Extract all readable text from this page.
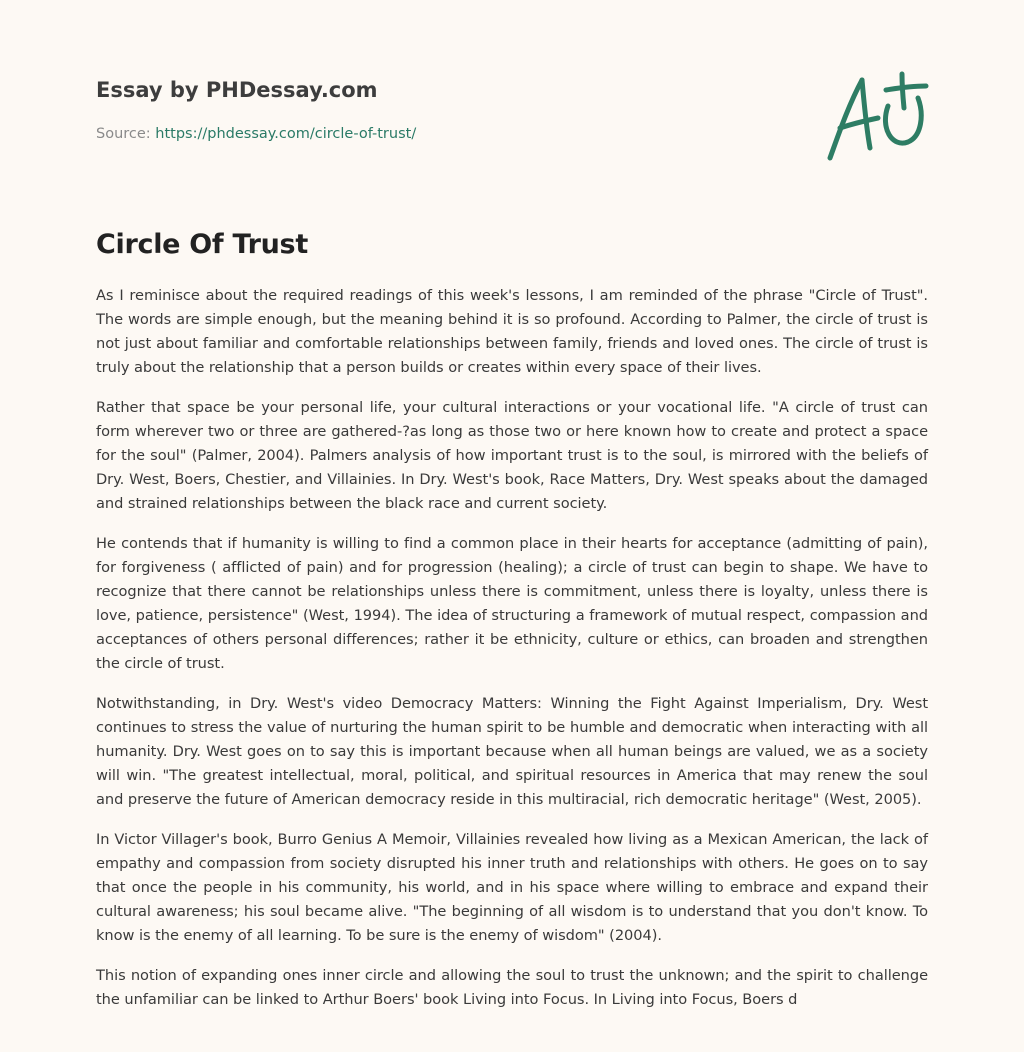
Essay by PHDessay.com
Source: https://phdessay.com/circle-of-trust/
Circle Of Trust

As I reminisce about the required readings of this week's lessons, I am reminded of the phrase "Circle of Trust". The words are simple enough, but the meaning behind it is so profound. According to Palmer, the circle of trust is not just about familiar and comfortable relationships between family, friends and loved ones. The circle of trust is truly about the relationship that a person builds or creates within every space of their lives.

Rather that space be your personal life, your cultural interactions or your vocational life. "A circle of trust can form wherever two or three are gathered-?as long as those two or here known how to create and protect a space for the soul" (Palmer, 2004). Palmers analysis of how important trust is to the soul, is mirrored with the beliefs of Dry. West, Boers, Chestier, and Villainies. In Dry. West's book, Race Matters, Dry. West speaks about the damaged and strained relationships between the black race and current society.

He contends that if humanity is willing to find a common place in their hearts for acceptance (admitting of pain), for forgiveness ( afflicted of pain) and for progression (healing); a circle of trust can begin to shape. We have to recognize that there cannot be relationships unless there is commitment, unless there is loyalty, unless there is love, patience, persistence" (West, 1994). The idea of structuring a framework of mutual respect, compassion and acceptances of others personal differences; rather it be ethnicity, culture or ethics, can broaden and strengthen the circle of trust.

Notwithstanding, in Dry. West's video Democracy Matters: Winning the Fight Against Imperialism, Dry. West continues to stress the value of nurturing the human spirit to be humble and democratic when interacting with all humanity. Dry. West goes on to say this is important because when all human beings are valued, we as a society will win. "The greatest intellectual, moral, political, and spiritual resources in America that may renew the soul and preserve the future of American democracy reside in this multiracial, rich democratic heritage" (West, 2005).

In Victor Villager's book, Burro Genius A Memoir, Villainies revealed how living as a Mexican American, the lack of empathy and compassion from society disrupted his inner truth and relationships with others. He goes on to say that once the people in his community, his world, and in his space where willing to embrace and expand their cultural awareness; his soul became alive. "The beginning of all wisdom is to understand that you don't know. To know is the enemy of all learning. To be sure is the enemy of wisdom" (2004).

This notion of expanding ones inner circle and allowing the soul to trust the unknown; and the spirit to challenge the unfamiliar can be linked to Arthur Boers' book Living into Focus. In Living into Focus, Boers d
